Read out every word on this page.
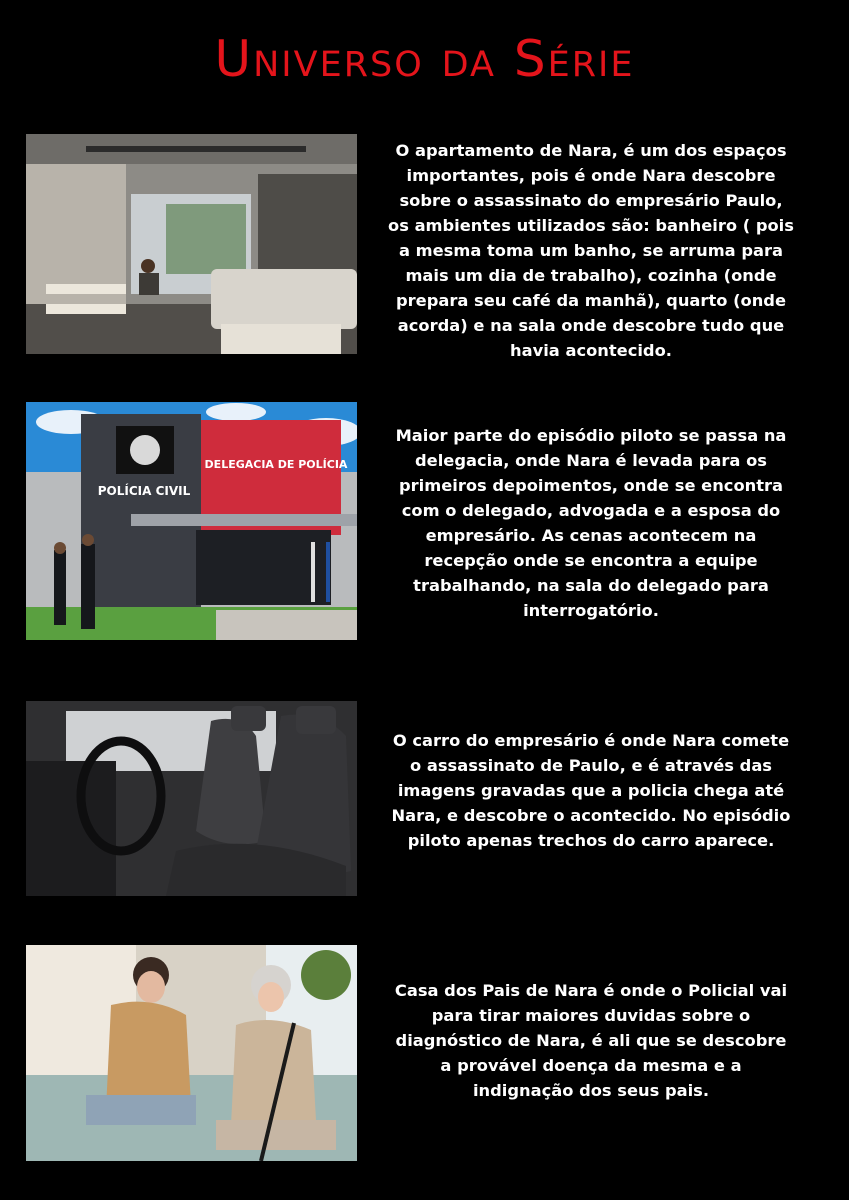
Universo da Série
O apartamento de Nara, é um dos espaços importantes, pois é onde Nara descobre sobre o assassinato do empresário Paulo, os ambientes utilizados são: banheiro ( pois a mesma toma um banho, se arruma para mais um dia de trabalho), cozinha (onde prepara seu café da manhã), quarto (onde acorda) e na sala onde descobre tudo que havia acontecido.
POLÍCIA CIVIL
DELEGACIA DE POLÍCIA
Maior parte do episódio piloto se passa na delegacia, onde Nara é levada para os primeiros depoimentos, onde se encontra com o delegado, advogada e a esposa do empresário. As cenas acontecem na recepção onde se encontra a equipe trabalhando, na sala do delegado para interrogatório.
O carro do empresário é onde Nara comete o assassinato de Paulo, e é através das imagens gravadas que a policia chega até Nara, e descobre o acontecido. No episódio piloto apenas trechos do carro aparece.
Casa dos Pais de Nara é onde o Policial vai para tirar maiores duvidas sobre o diagnóstico de Nara, é ali que se descobre a provável doença da mesma e a indignação dos seus pais.
